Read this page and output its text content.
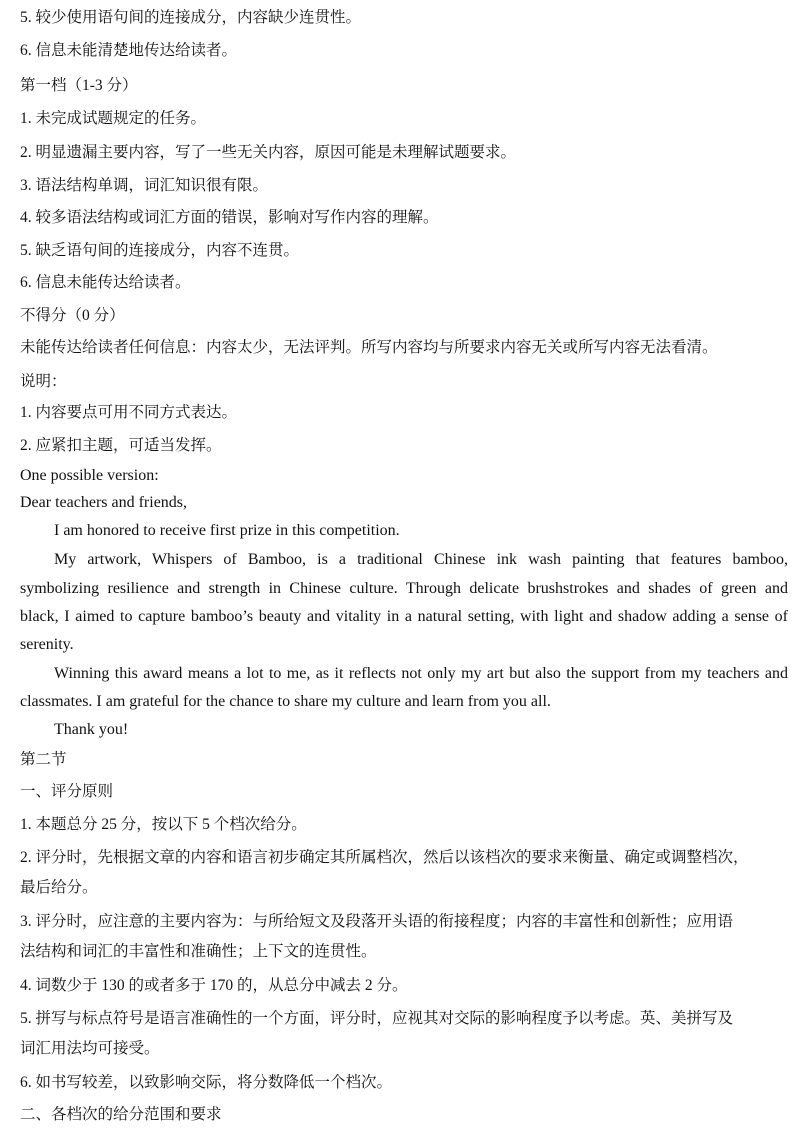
5. 较少使用语句间的连接成分，内容缺少连贯性。
6. 信息未能清楚地传达给读者。
第一档（1-3 分）
1. 未完成试题规定的任务。
2. 明显遗漏主要内容，写了一些无关内容，原因可能是未理解试题要求。
3. 语法结构单调，词汇知识很有限。
4. 较多语法结构或词汇方面的错误，影响对写作内容的理解。
5. 缺乏语句间的连接成分，内容不连贯。
6. 信息未能传达给读者。
不得分（0 分）
未能传达给读者任何信息：内容太少，无法评判。所写内容均与所要求内容无关或所写内容无法看清。
说明：
1. 内容要点可用不同方式表达。
2. 应紧扣主题，可适当发挥。
One possible version:
Dear teachers and friends,
I am honored to receive first prize in this competition.
My artwork, Whispers of Bamboo, is a traditional Chinese ink wash painting that features bamboo,
symbolizing resilience and strength in Chinese culture. Through delicate brushstrokes and shades of green and
black, I aimed to capture bamboo’s beauty and vitality in a natural setting, with light and shadow adding a sense of
serenity.
Winning this award means a lot to me, as it reflects not only my art but also the support from my teachers and
classmates. I am grateful for the chance to share my culture and learn from you all.
Thank you!
第二节
一、评分原则
1. 本题总分 25 分，按以下 5 个档次给分。
2. 评分时，先根据文章的内容和语言初步确定其所属档次，然后以该档次的要求来衡量、确定或调整档次，
最后给分。
3. 评分时，应注意的主要内容为：与所给短文及段落开头语的衔接程度；内容的丰富性和创新性；应用语
法结构和词汇的丰富性和准确性；上下文的连贯性。
4. 词数少于 130 的或者多于 170 的，从总分中减去 2 分。
5. 拼写与标点符号是语言准确性的一个方面，评分时，应视其对交际的影响程度予以考虑。英、美拼写及
词汇用法均可接受。
6. 如书写较差，以致影响交际，将分数降低一个档次。
二、各档次的给分范围和要求
